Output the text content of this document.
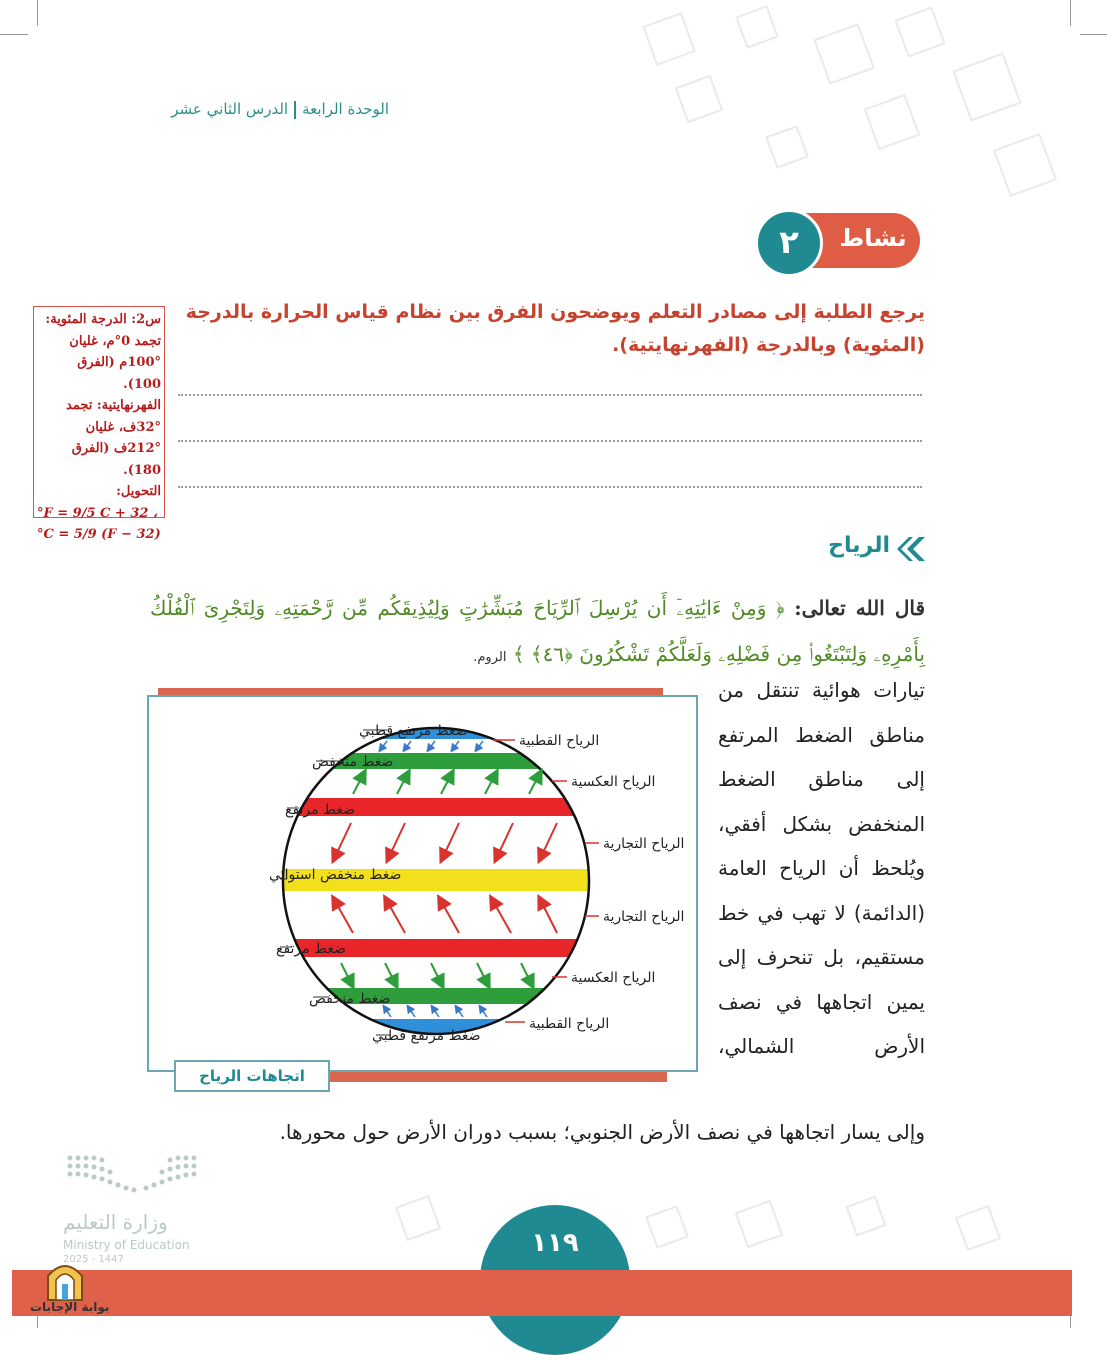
الوحدة الرابعةالدرس الثاني عشر
نشاط
٢
يرجع الطلبة إلى مصادر التعلم ويوضحون الفرق بين نظام قياس الحرارة بالدرجة (المئوية) وبالدرجة (الفهرنهايتية).
س2: الدرجة المئوية:
تجمد 0°م، غليان
100°م (الفرق 100).
الفهرنهايتية: تجمد
32°ف، غليان
212°ف (الفرق 180).
التحويل:
°F = 9/5 C + 32 ،
°C = 5/9 (F − 32)	الرياح
قال الله تعالى: ﴿ وَمِنْ ءَايَٰتِهِۦٓ أَن يُرْسِلَ ٱلرِّيَاحَ مُبَشِّرَٰتٍ وَلِيُذِيقَكُم مِّن رَّحْمَتِهِۦ وَلِتَجْرِىَ ٱلْفُلْكُ بِأَمْرِهِۦ وَلِتَبْتَغُوا۟ مِن فَضْلِهِۦ وَلَعَلَّكُمْ تَشْكُرُونَ ﴿٤٦﴾ ﴾ الروم.
تيارات هوائية تنتقل من مناطق الضغط المرتفع إلى مناطق الضغط المنخفض بشكل أفقي، ويُلحظ أن الرياح العامة (الدائمة) لا تهب في خط مستقيم، بل تنحرف إلى يمين اتجاهها في نصف الأرض الشمالي،
وإلى يسار اتجاهها في نصف الأرض الجنوبي؛ بسبب دوران الأرض حول محورها.
ضغط مرتفع قطبي
ضغط منخفض
ضغط مرتفع
ضغط منخفض استوائي
ضغط مرتفع
ضغط منخفض
ضغط مرتفع قطبي
الرياح القطبية
الرياح العكسية
الرياح التجارية
الرياح التجارية
الرياح العكسية
الرياح القطبية
اتجاهات الرياح
وزارة التعليم
Ministry of Education
2025 - 1447
١١٩
بوابة الإجابات
